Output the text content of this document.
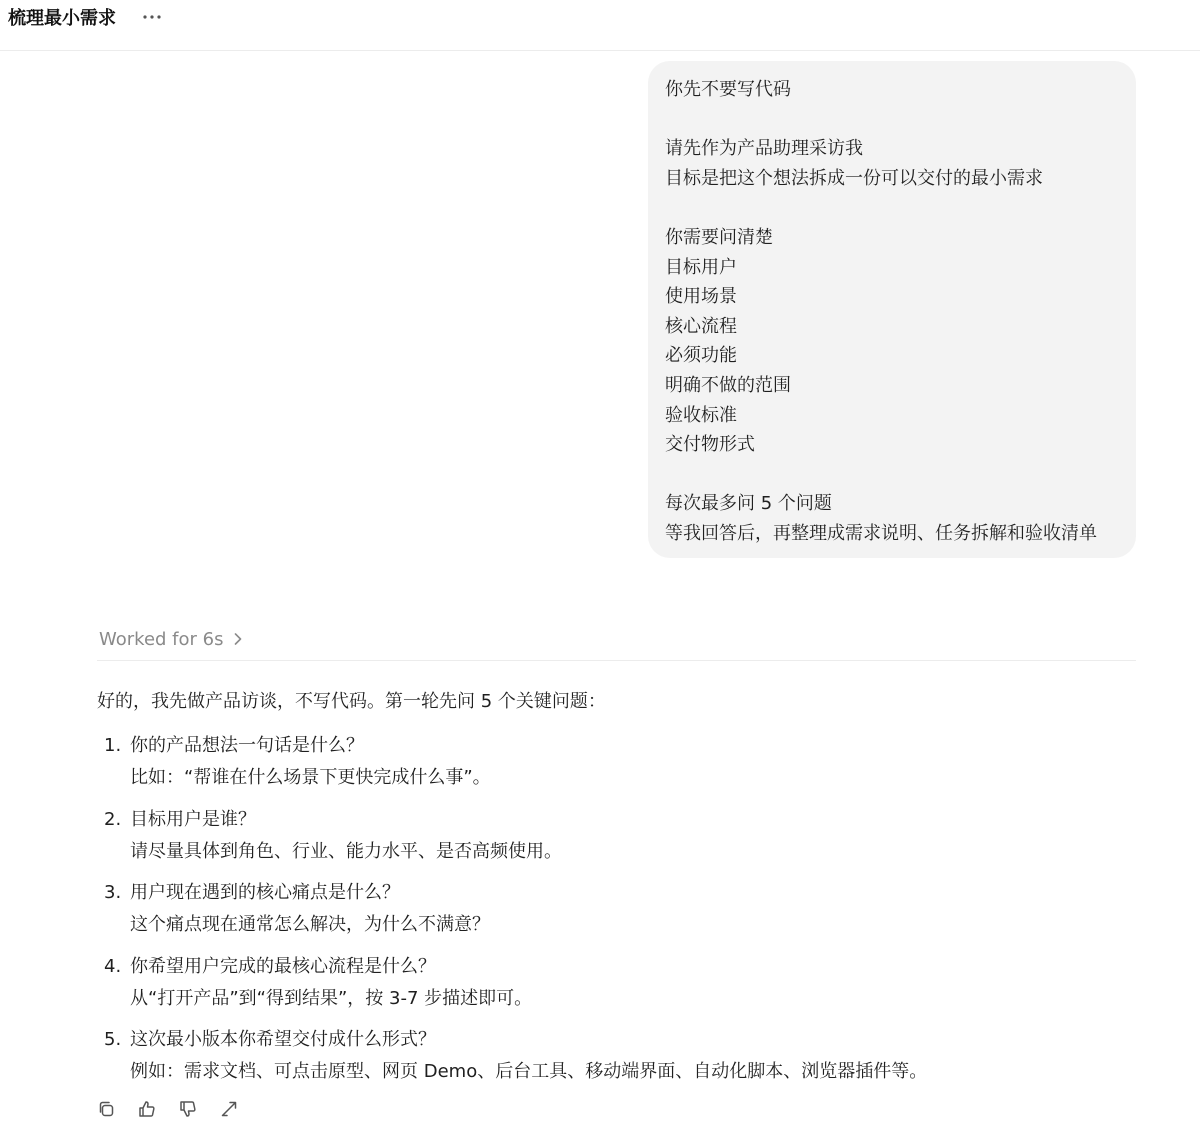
梳理最小需求
你先不要写代码
请先作为产品助理采访我
目标是把这个想法拆成一份可以交付的最小需求
你需要问清楚
目标用户
使用场景
核心流程
必须功能
明确不做的范围
验收标准
交付物形式
每次最多问 5 个问题
等我回答后，再整理成需求说明、任务拆解和验收清单
Worked for 6s
好的，我先做产品访谈，不写代码。第一轮先问 5 个关键问题：
1. 你的产品想法一句话是什么？
比如：“帮谁在什么场景下更快完成什么事”。
2. 目标用户是谁？
请尽量具体到角色、行业、能力水平、是否高频使用。
3. 用户现在遇到的核心痛点是什么？
这个痛点现在通常怎么解决，为什么不满意？
4. 你希望用户完成的最核心流程是什么？
从“打开产品”到“得到结果”，按 3-7 步描述即可。
5. 这次最小版本你希望交付成什么形式？
例如：需求文档、可点击原型、网页 Demo、后台工具、移动端界面、自动化脚本、浏览器插件等。
